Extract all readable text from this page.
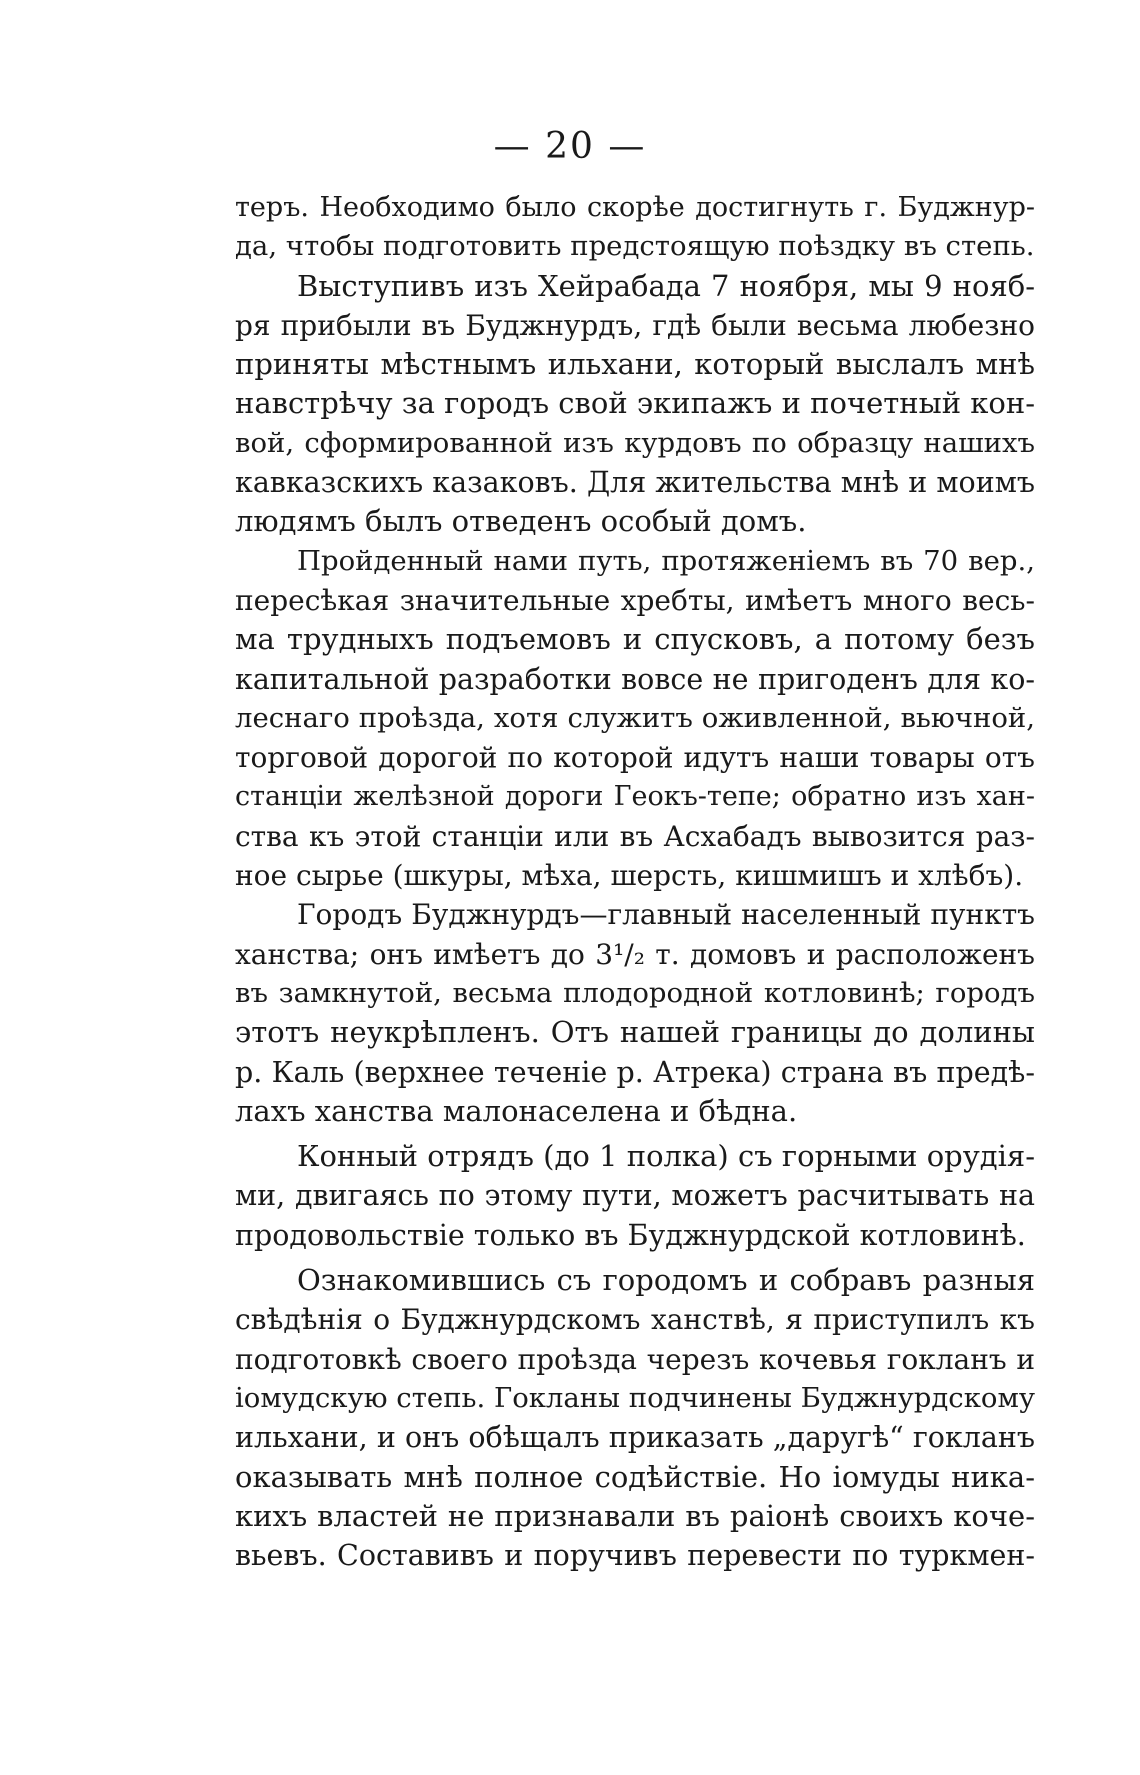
— 20 —
теръ. Необходимо было скорѣе достигнуть г. Буджнур-
да, чтобы подготовить предстоящую поѣздку въ степь.
Выступивъ изъ Хейрабада 7 ноября, мы 9 нояб-
ря прибыли въ Буджнурдъ, гдѣ были весьма любезно
приняты мѣстнымъ ильхани, который выслалъ мнѣ
навстрѣчу за городъ свой экипажъ и почетный кон-
вой, сформированной изъ курдовъ по образцу нашихъ
кавказскихъ казаковъ. Для жительства мнѣ и моимъ
людямъ былъ отведенъ особый домъ.
Пройденный нами путь, протяженіемъ въ 70 вер.,
пересѣкая значительные хребты, имѣетъ много весь-
ма трудныхъ подъемовъ и спусковъ, а потому безъ
капитальной разработки вовсе не пригоденъ для ко-
леснаго проѣзда, хотя служитъ оживленной, вьючной,
торговой дорогой по которой идутъ наши товары отъ
станціи желѣзной дороги Геокъ-тепе; обратно изъ хан-
ства къ этой станціи или въ Асхабадъ вывозится раз-
ное сырье (шкуры, мѣха, шерсть, кишмишъ и хлѣбъ).
Городъ Буджнурдъ—главный населенный пунктъ
ханства; онъ имѣетъ до 3¹/₂ т. домовъ и расположенъ
въ замкнутой, весьма плодородной котловинѣ; городъ
этотъ неукрѣпленъ. Отъ нашей границы до долины
р. Каль (верхнее теченіе р. Атрека) страна въ предѣ-
лахъ ханства малонаселена и бѣдна.
Конный отрядъ (до 1 полка) съ горными орудія-
ми, двигаясь по этому пути, можетъ расчитывать на
продовольствіе только въ Буджнурдской котловинѣ.
Ознакомившись съ городомъ и собравъ разныя
свѣдѣнія о Буджнурдскомъ ханствѣ, я приступилъ къ
подготовкѣ своего проѣзда черезъ кочевья гокланъ и
іомудскую степь. Гокланы подчинены Буджнурдскому
ильхани, и онъ обѣщалъ приказать „даругѣ“ гокланъ
оказывать мнѣ полное содѣйствіе. Но іомуды ника-
кихъ властей не признавали въ раіонѣ своихъ коче-
вьевъ. Составивъ и поручивъ перевести по туркмен-
